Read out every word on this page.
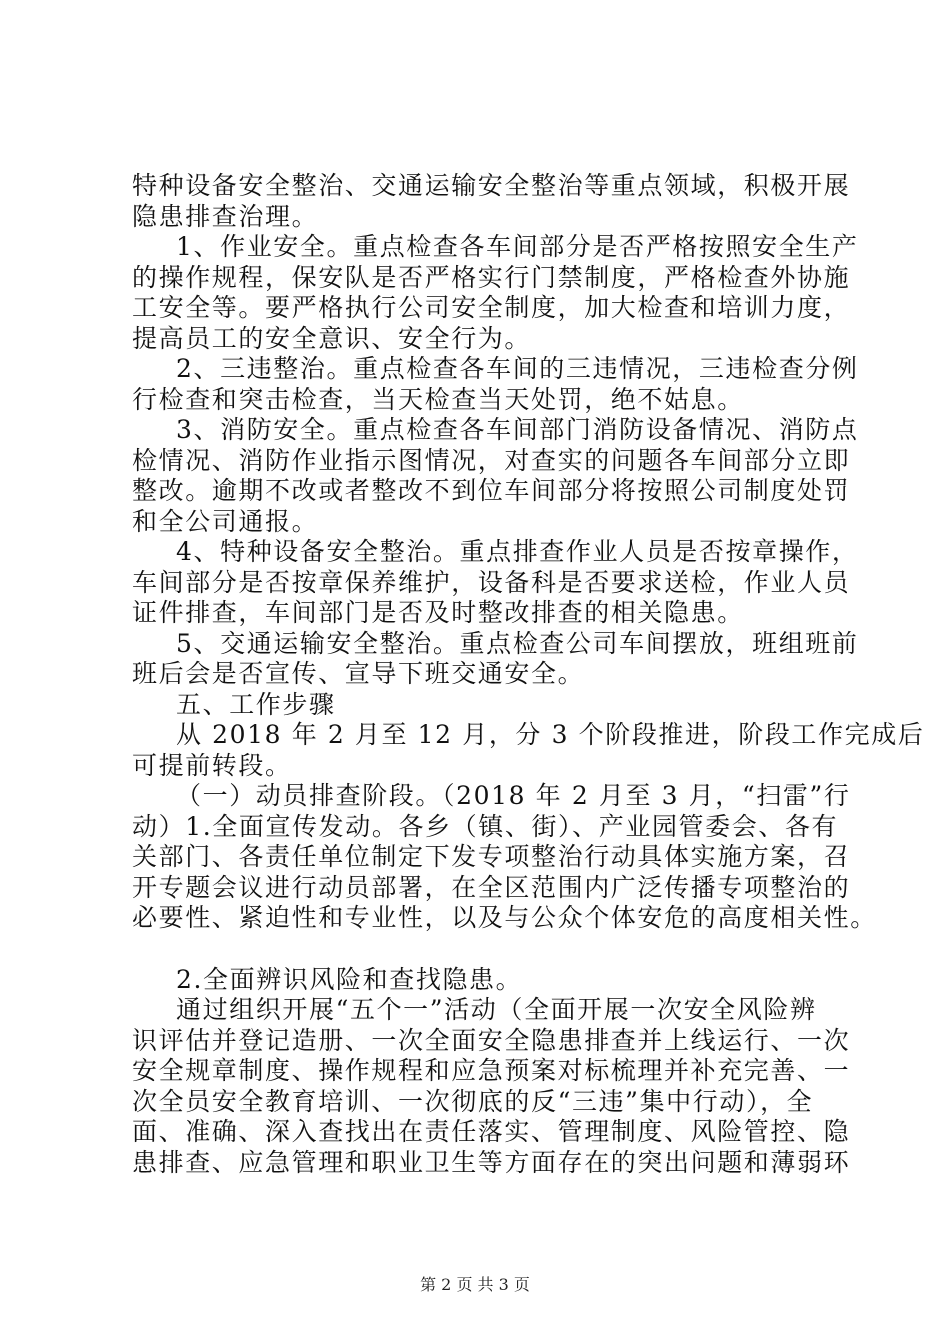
特种设备安全整治、交通运输安全整治等重点领域，积极开展
隐患排查治理。
1、作业安全。重点检查各车间部分是否严格按照安全生产
的操作规程，保安队是否严格实行门禁制度，严格检查外协施
工安全等。要严格执行公司安全制度，加大检查和培训力度，
提高员工的安全意识、安全行为。
2、三违整治。重点检查各车间的三违情况，三违检查分例
行检查和突击检查，当天检查当天处罚，绝不姑息。
3、消防安全。重点检查各车间部门消防设备情况、消防点
检情况、消防作业指示图情况，对查实的问题各车间部分立即
整改。逾期不改或者整改不到位车间部分将按照公司制度处罚
和全公司通报。
4、特种设备安全整治。重点排查作业人员是否按章操作，
车间部分是否按章保养维护，设备科是否要求送检，作业人员
证件排查，车间部门是否及时整改排查的相关隐患。
5、交通运输安全整治。重点检查公司车间摆放，班组班前
班后会是否宣传、宣导下班交通安全。
五、工作步骤
从 2018 年 2 月至 12 月，分 3 个阶段推进，阶段工作完成后
可提前转段。
（一）动员排查阶段。（2018 年 2 月至 3 月，“扫雷”行
动）1.全面宣传发动。各乡（镇、街）、产业园管委会、各有
关部门、各责任单位制定下发专项整治行动具体实施方案，召
开专题会议进行动员部署，在全区范围内广泛传播专项整治的
必要性、紧迫性和专业性，以及与公众个体安危的高度相关性。
2.全面辨识风险和查找隐患。
通过组织开展“五个一”活动（全面开展一次安全风险辨
识评估并登记造册、一次全面安全隐患排查并上线运行、一次
安全规章制度、操作规程和应急预案对标梳理并补充完善、一
次全员安全教育培训、一次彻底的反“三违”集中行动），全
面、准确、深入查找出在责任落实、管理制度、风险管控、隐
患排查、应急管理和职业卫生等方面存在的突出问题和薄弱环
第 2 页 共 3 页
